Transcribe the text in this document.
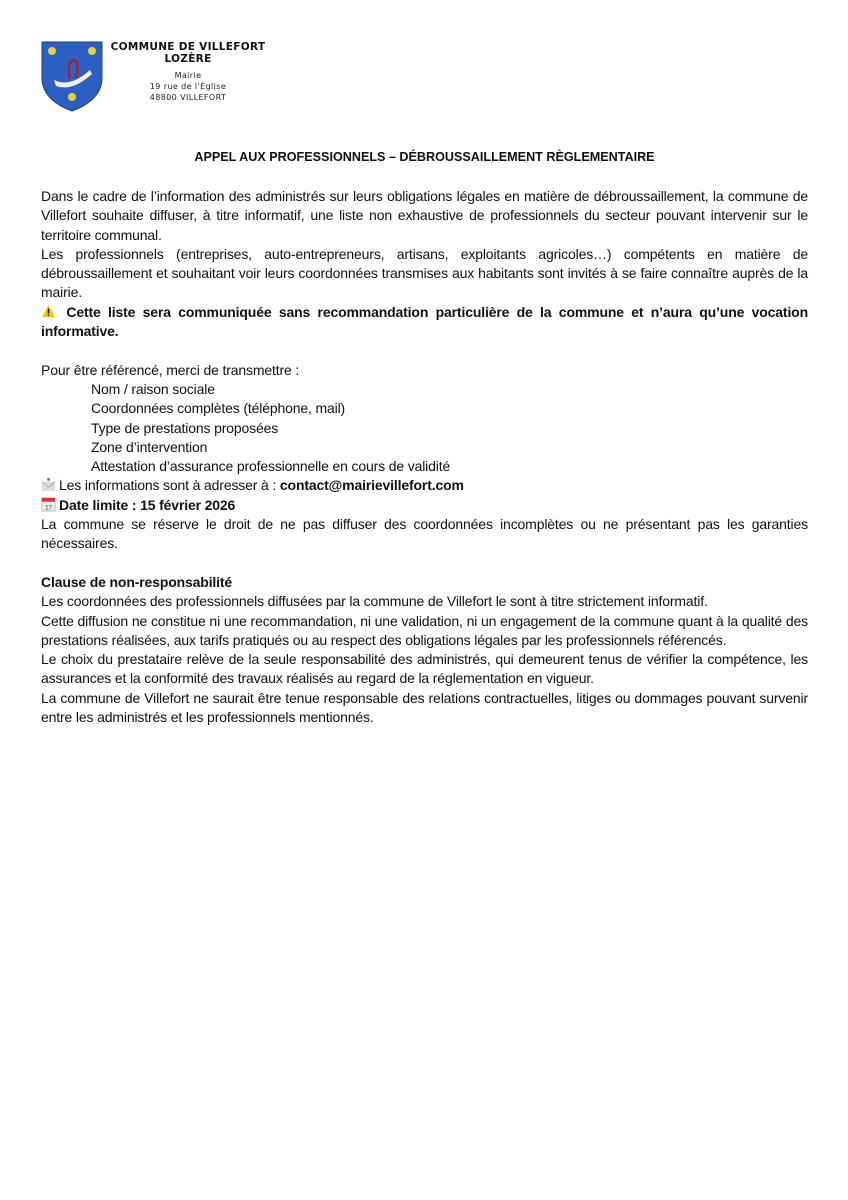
COMMUNE DE VILLEFORT
LOZÈRE
Mairie
19 rue de l'Église
48800 VILLEFORT
APPEL AUX PROFESSIONNELS – DÉBROUSSAILLEMENT RÈGLEMENTAIRE

Dans le cadre de l’information des administrés sur leurs obligations légales en matière de débroussaillement, la commune de Villefort souhaite diffuser, à titre informatif, une liste non exhaustive de professionnels du secteur pouvant intervenir sur le territoire communal.

Les professionnels (entreprises, auto-entrepreneurs, artisans, exploitants agricoles…) compétents en matière de débroussaillement et souhaitant voir leurs coordonnées transmises aux habitants sont invités à se faire connaître auprès de la mairie.

Cette liste sera communiquée sans recommandation particulière de la commune et n’aura qu’une vocation informative.

Pour être référencé, merci de transmettre :

Nom / raison sociale
Coordonnées complètes (téléphone, mail)
Type de prestations proposées
Zone d’intervention
Attestation d’assurance professionnelle en cours de validité
Les informations sont à adresser à : contact@mairievillefort.com
17 Date limite : 15 février 2026

La commune se réserve le droit de ne pas diffuser des coordonnées incomplètes ou ne présentant pas les garanties nécessaires.

Clause de non-responsabilité

Les coordonnées des professionnels diffusées par la commune de Villefort le sont à titre strictement informatif.

Cette diffusion ne constitue ni une recommandation, ni une validation, ni un engagement de la commune quant à la qualité des prestations réalisées, aux tarifs pratiqués ou au respect des obligations légales par les professionnels référencés.

Le choix du prestataire relève de la seule responsabilité des administrés, qui demeurent tenus de vérifier la compétence, les assurances et la conformité des travaux réalisés au regard de la réglementation en vigueur.

La commune de Villefort ne saurait être tenue responsable des relations contractuelles, litiges ou dommages pouvant survenir entre les administrés et les professionnels mentionnés.
